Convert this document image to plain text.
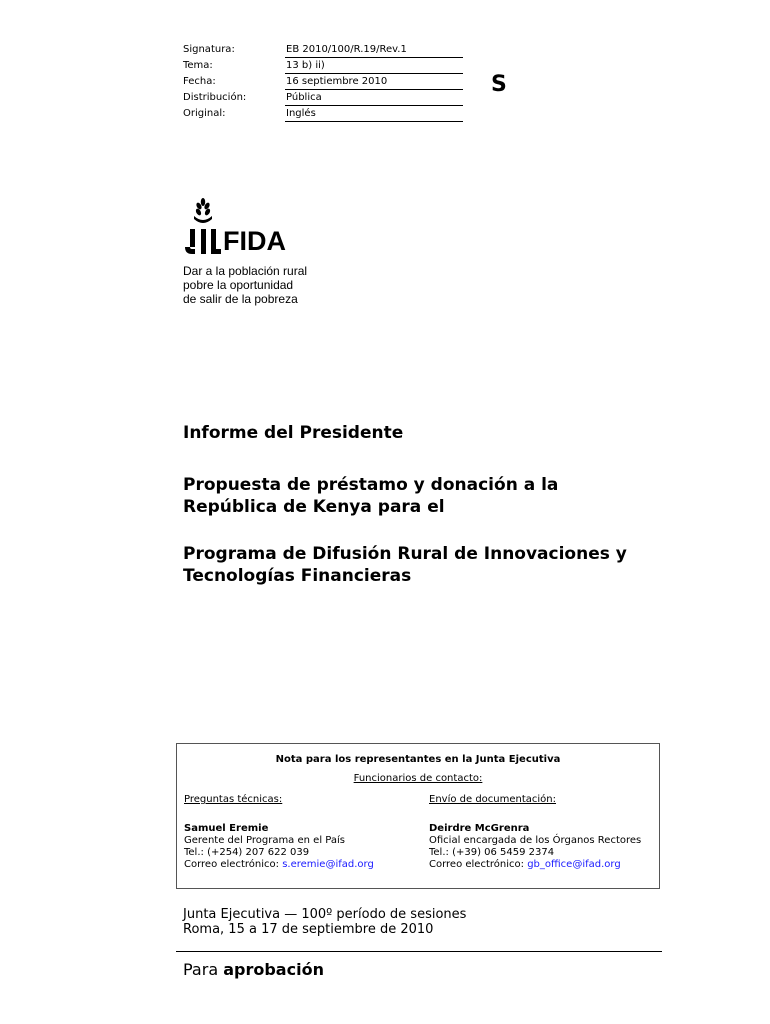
Signatura:	EB 2010/100/R.19/Rev.1
Tema:	13 b) ii)
Fecha:	16 septiembre 2010
Distribución:	Pública
Original:	Inglés
S
FIDA
Dar a la población rural
pobre la oportunidad
de salir de la pobreza
Informe del Presidente
Propuesta de préstamo y donación a la República de Kenya para el
Programa de Difusión Rural de Innovaciones y Tecnologías Financieras
Nota para los representantes en la Junta Ejecutiva
Funcionarios de contacto:
Preguntas técnicas:
Samuel Eremie
Gerente del Programa en el País
Tel.: (+254) 207 622 039
Correo electrónico: s.eremie@ifad.org
Envío de documentación:
Deirdre McGrenra
Oficial encargada de los Órganos Rectores
Tel.: (+39) 06 5459 2374
Correo electrónico: gb_office@ifad.org
Junta Ejecutiva — 100º período de sesiones
Roma, 15 a 17 de septiembre de 2010
Para aprobación
